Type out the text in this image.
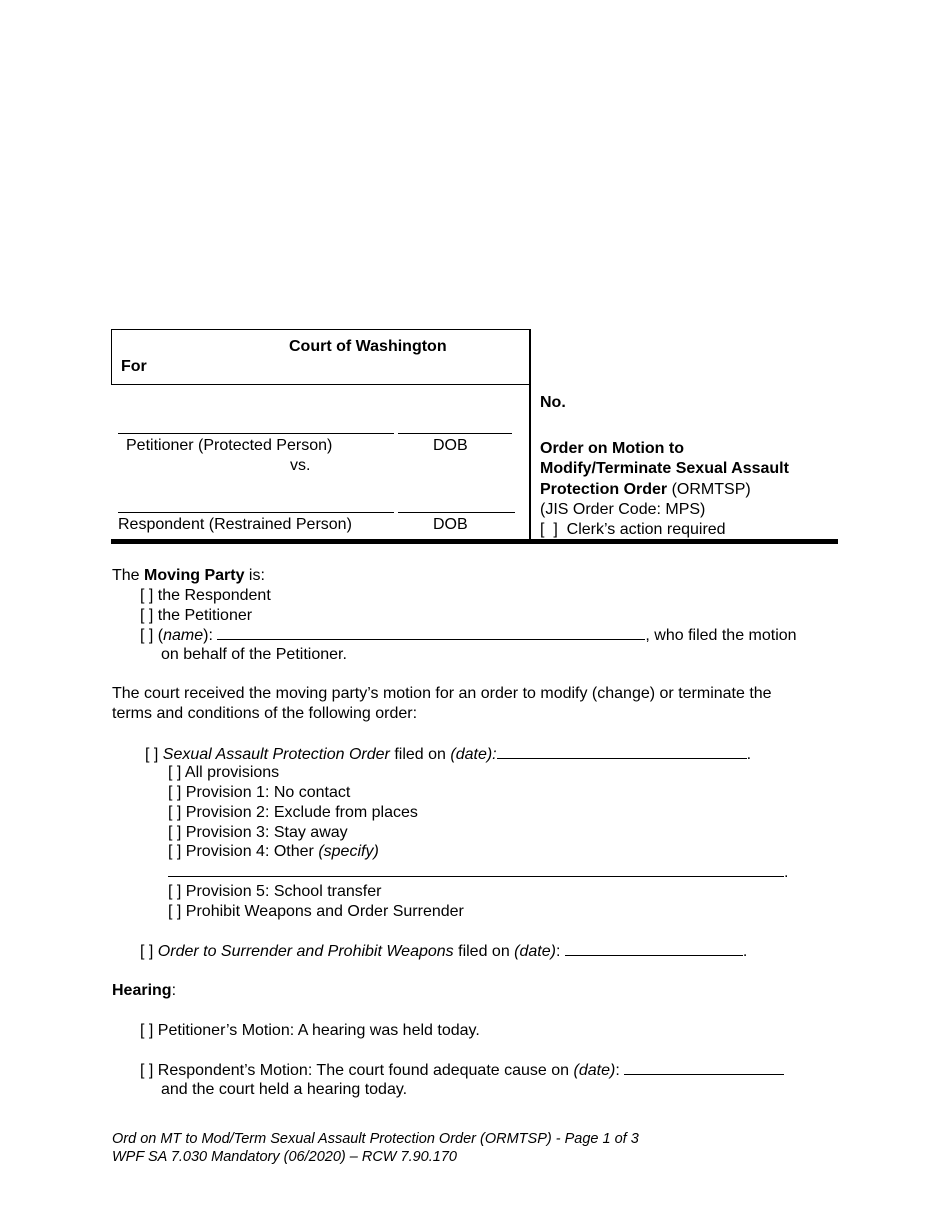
Court of Washington
For
Petitioner (Protected Person)	DOB
vs.
Respondent (Restrained Person)	DOB
No.
Order on Motion to
Modify/Terminate Sexual Assault
Protection Order (ORMTSP)
(JIS Order Code: MPS)
[  ] Clerk’s action required
The Moving Party is:
[ ] the Respondent
[ ] the Petitioner
[ ] (name):	, who filed the motion
on behalf of the Petitioner.
The court received the moving party’s motion for an order to modify (change) or terminate the
terms and conditions of the following order:
[ ] Sexual Assault Protection Order filed on (date):	.
[ ] All provisions
[ ] Provision 1: No contact
[ ] Provision 2: Exclude from places
[ ] Provision 3: Stay away
[ ] Provision 4: Other (specify)
.
[ ] Provision 5: School transfer
[ ] Prohibit Weapons and Order Surrender
[ ] Order to Surrender and Prohibit Weapons filed on (date):	.
Hearing:
[ ] Petitioner’s Motion: A hearing was held today.
[ ] Respondent’s Motion: The court found adequate cause on (date):
and the court held a hearing today.
Ord on MT to Mod/Term Sexual Assault Protection Order (ORMTSP) - Page 1 of 3
WPF SA 7.030 Mandatory (06/2020) – RCW 7.90.170
